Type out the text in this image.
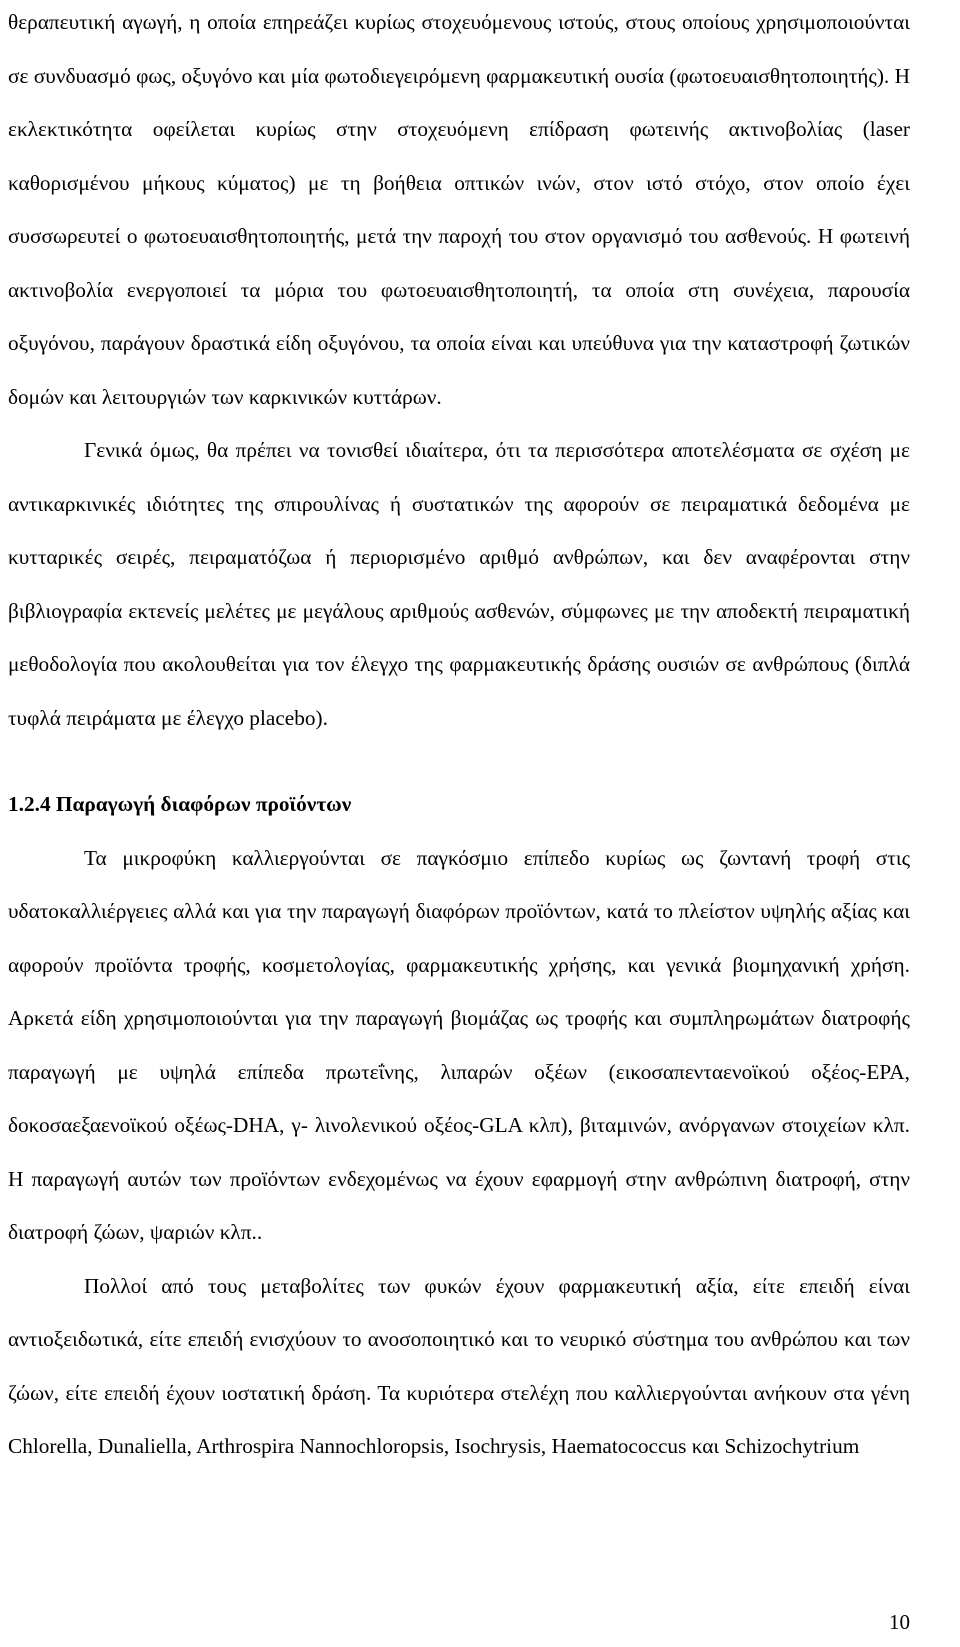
θεραπευτική αγωγή, η οποία επηρεάζει κυρίως στοχευόμενους ιστούς, στους οποίους χρησιμοποιούνται σε συνδυασμό φως, οξυγόνο και μία φωτοδιεγειρόμενη φαρμακευτική ουσία (φωτοευαισθητοποιητής). Η εκλεκτικότητα οφείλεται κυρίως στην στοχευόμενη επίδραση φωτεινής ακτινοβολίας (laser καθορισμένου μήκους κύματος) με τη βοήθεια οπτικών ινών, στον ιστό στόχο, στον οποίο έχει συσσωρευτεί ο φωτοευαισθητοποιητής, μετά την παροχή του στον οργανισμό του ασθενούς. Η φωτεινή ακτινοβολία ενεργοποιεί τα μόρια του φωτοευαισθητοποιητή, τα οποία στη συνέχεια, παρουσία οξυγόνου, παράγουν δραστικά είδη οξυγόνου, τα οποία είναι και υπεύθυνα για την καταστροφή ζωτικών δομών και λειτουργιών των καρκινικών κυττάρων.

Γενικά όμως, θα πρέπει να τονισθεί ιδιαίτερα, ότι τα περισσότερα αποτελέσματα σε σχέση με αντικαρκινικές ιδιότητες της σπιρουλίνας ή συστατικών της αφορούν σε πειραματικά δεδομένα με κυτταρικές σειρές, πειραματόζωα ή περιορισμένο αριθμό ανθρώπων, και δεν αναφέρονται στην βιβλιογραφία εκτενείς μελέτες με μεγάλους αριθμούς ασθενών, σύμφωνες με την αποδεκτή πειραματική μεθοδολογία που ακολουθείται για τον έλεγχο της φαρμακευτικής δράσης ουσιών σε ανθρώπους (διπλά τυφλά πειράματα με έλεγχο placebo).

1.2.4 Παραγωγή διαφόρων προϊόντων

Τα μικροφύκη καλλιεργούνται σε παγκόσμιο επίπεδο κυρίως ως ζωντανή τροφή στις υδατοκαλλιέργειες αλλά και για την παραγωγή διαφόρων προϊόντων, κατά το πλείστον υψηλής αξίας και αφορούν προϊόντα τροφής, κοσμετολογίας, φαρμακευτικής χρήσης, και γενικά βιομηχανική χρήση. Αρκετά είδη χρησιμοποιούνται για την παραγωγή βιομάζας ως τροφής και συμπληρωμάτων διατροφής παραγωγή με υψηλά επίπεδα πρωτεΐνης, λιπαρών οξέων (εικοσαπενταενοϊκού οξέος-EPA, δοκοσαεξαενοϊκού οξέως-DHA, γ- λινολενικού οξέος-GLA κλπ), βιταμινών, ανόργανων στοιχείων κλπ. Η παραγωγή αυτών των προϊόντων ενδεχομένως να έχουν εφαρμογή στην ανθρώπινη διατροφή, στην διατροφή ζώων, ψαριών κλπ..

Πολλοί από τους μεταβολίτες των φυκών έχουν φαρμακευτική αξία, είτε επειδή είναι αντιοξειδωτικά, είτε επειδή ενισχύουν το ανοσοποιητικό και το νευρικό σύστημα του ανθρώπου και των ζώων, είτε επειδή έχουν ιοστατική δράση. Τα κυριότερα στελέχη που καλλιεργούνται ανήκουν στα γένη Chlorella, Dunaliella, Arthrospira Nannochloropsis, Isochrysis, Haematococcus και Schizochytrium

10
